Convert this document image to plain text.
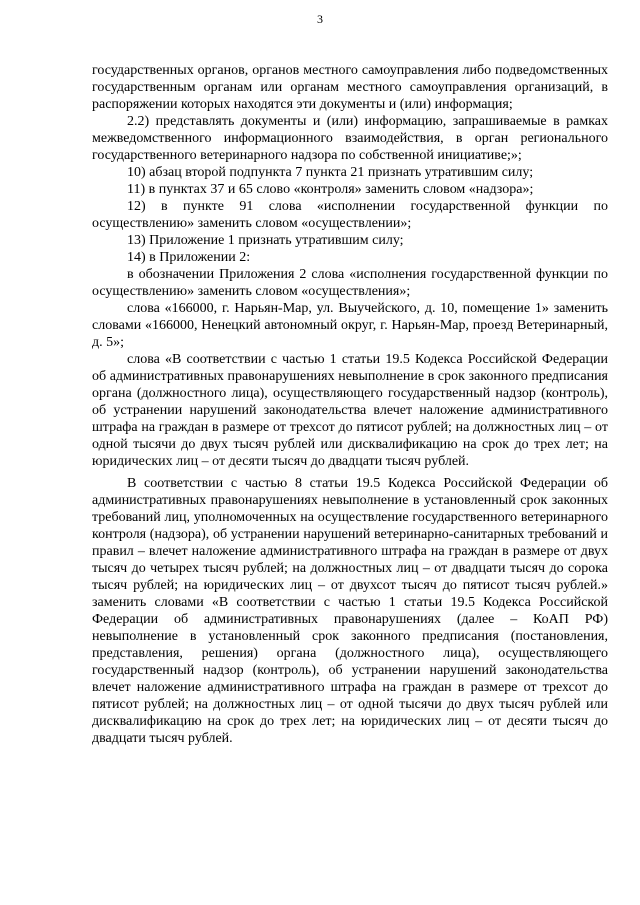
3

государственных органов, органов местного самоуправления либо подведомственных государственным органам или органам местного самоуправления организаций, в распоряжении которых находятся эти документы и (или) информация;

2.2) представлять документы и (или) информацию, запрашиваемые в рамках межведомственного информационного взаимодействия, в орган регионального государственного ветеринарного надзора по собственной инициативе;»;

10) абзац второй подпункта 7 пункта 21 признать утратившим силу;

11) в пунктах 37 и 65 слово «контроля» заменить словом «надзора»;

12) в пункте 91 слова «исполнении государственной функции по осуществлению» заменить словом «осуществлении»;

13) Приложение 1 признать утратившим силу;

14) в Приложении 2:

в обозначении Приложения 2 слова «исполнения государственной функции по осуществлению» заменить словом «осуществления»;

слова «166000, г. Нарьян-Мар, ул. Выучейского, д. 10, помещение 1» заменить словами «166000, Ненецкий автономный округ, г. Нарьян-Мар, проезд Ветеринарный, д. 5»;

слова «В соответствии с частью 1 статьи 19.5 Кодекса Российской Федерации об административных правонарушениях невыполнение в срок законного предписания органа (должностного лица), осуществляющего государственный надзор (контроль), об устранении нарушений законодательства влечет наложение административного штрафа на граждан в размере от трехсот до пятисот рублей; на должностных лиц – от одной тысячи до двух тысяч рублей или дисквалификацию на срок до трех лет; на юридических лиц – от десяти тысяч до двадцати тысяч рублей.

В соответствии с частью 8 статьи 19.5 Кодекса Российской Федерации об административных правонарушениях невыполнение в установленный срок законных требований лиц, уполномоченных на осуществление государственного ветеринарного контроля (надзора), об устранении нарушений ветеринарно-санитарных требований и правил – влечет наложение административного штрафа на граждан в размере от двух тысяч до четырех тысяч рублей; на должностных лиц – от двадцати тысяч до сорока тысяч рублей; на юридических лиц – от двухсот тысяч до пятисот тысяч рублей.» заменить словами «В соответствии с частью 1 статьи 19.5 Кодекса Российской Федерации об административных правонарушениях (далее – КоАП РФ) невыполнение в установленный срок законного предписания (постановления, представления, решения) органа (должностного лица), осуществляющего государственный надзор (контроль), об устранении нарушений законодательства влечет наложение административного штрафа на граждан в размере от трехсот до пятисот рублей; на должностных лиц – от одной тысячи до двух тысяч рублей или дисквалификацию на срок до трех лет; на юридических лиц – от десяти тысяч до двадцати тысяч рублей.
